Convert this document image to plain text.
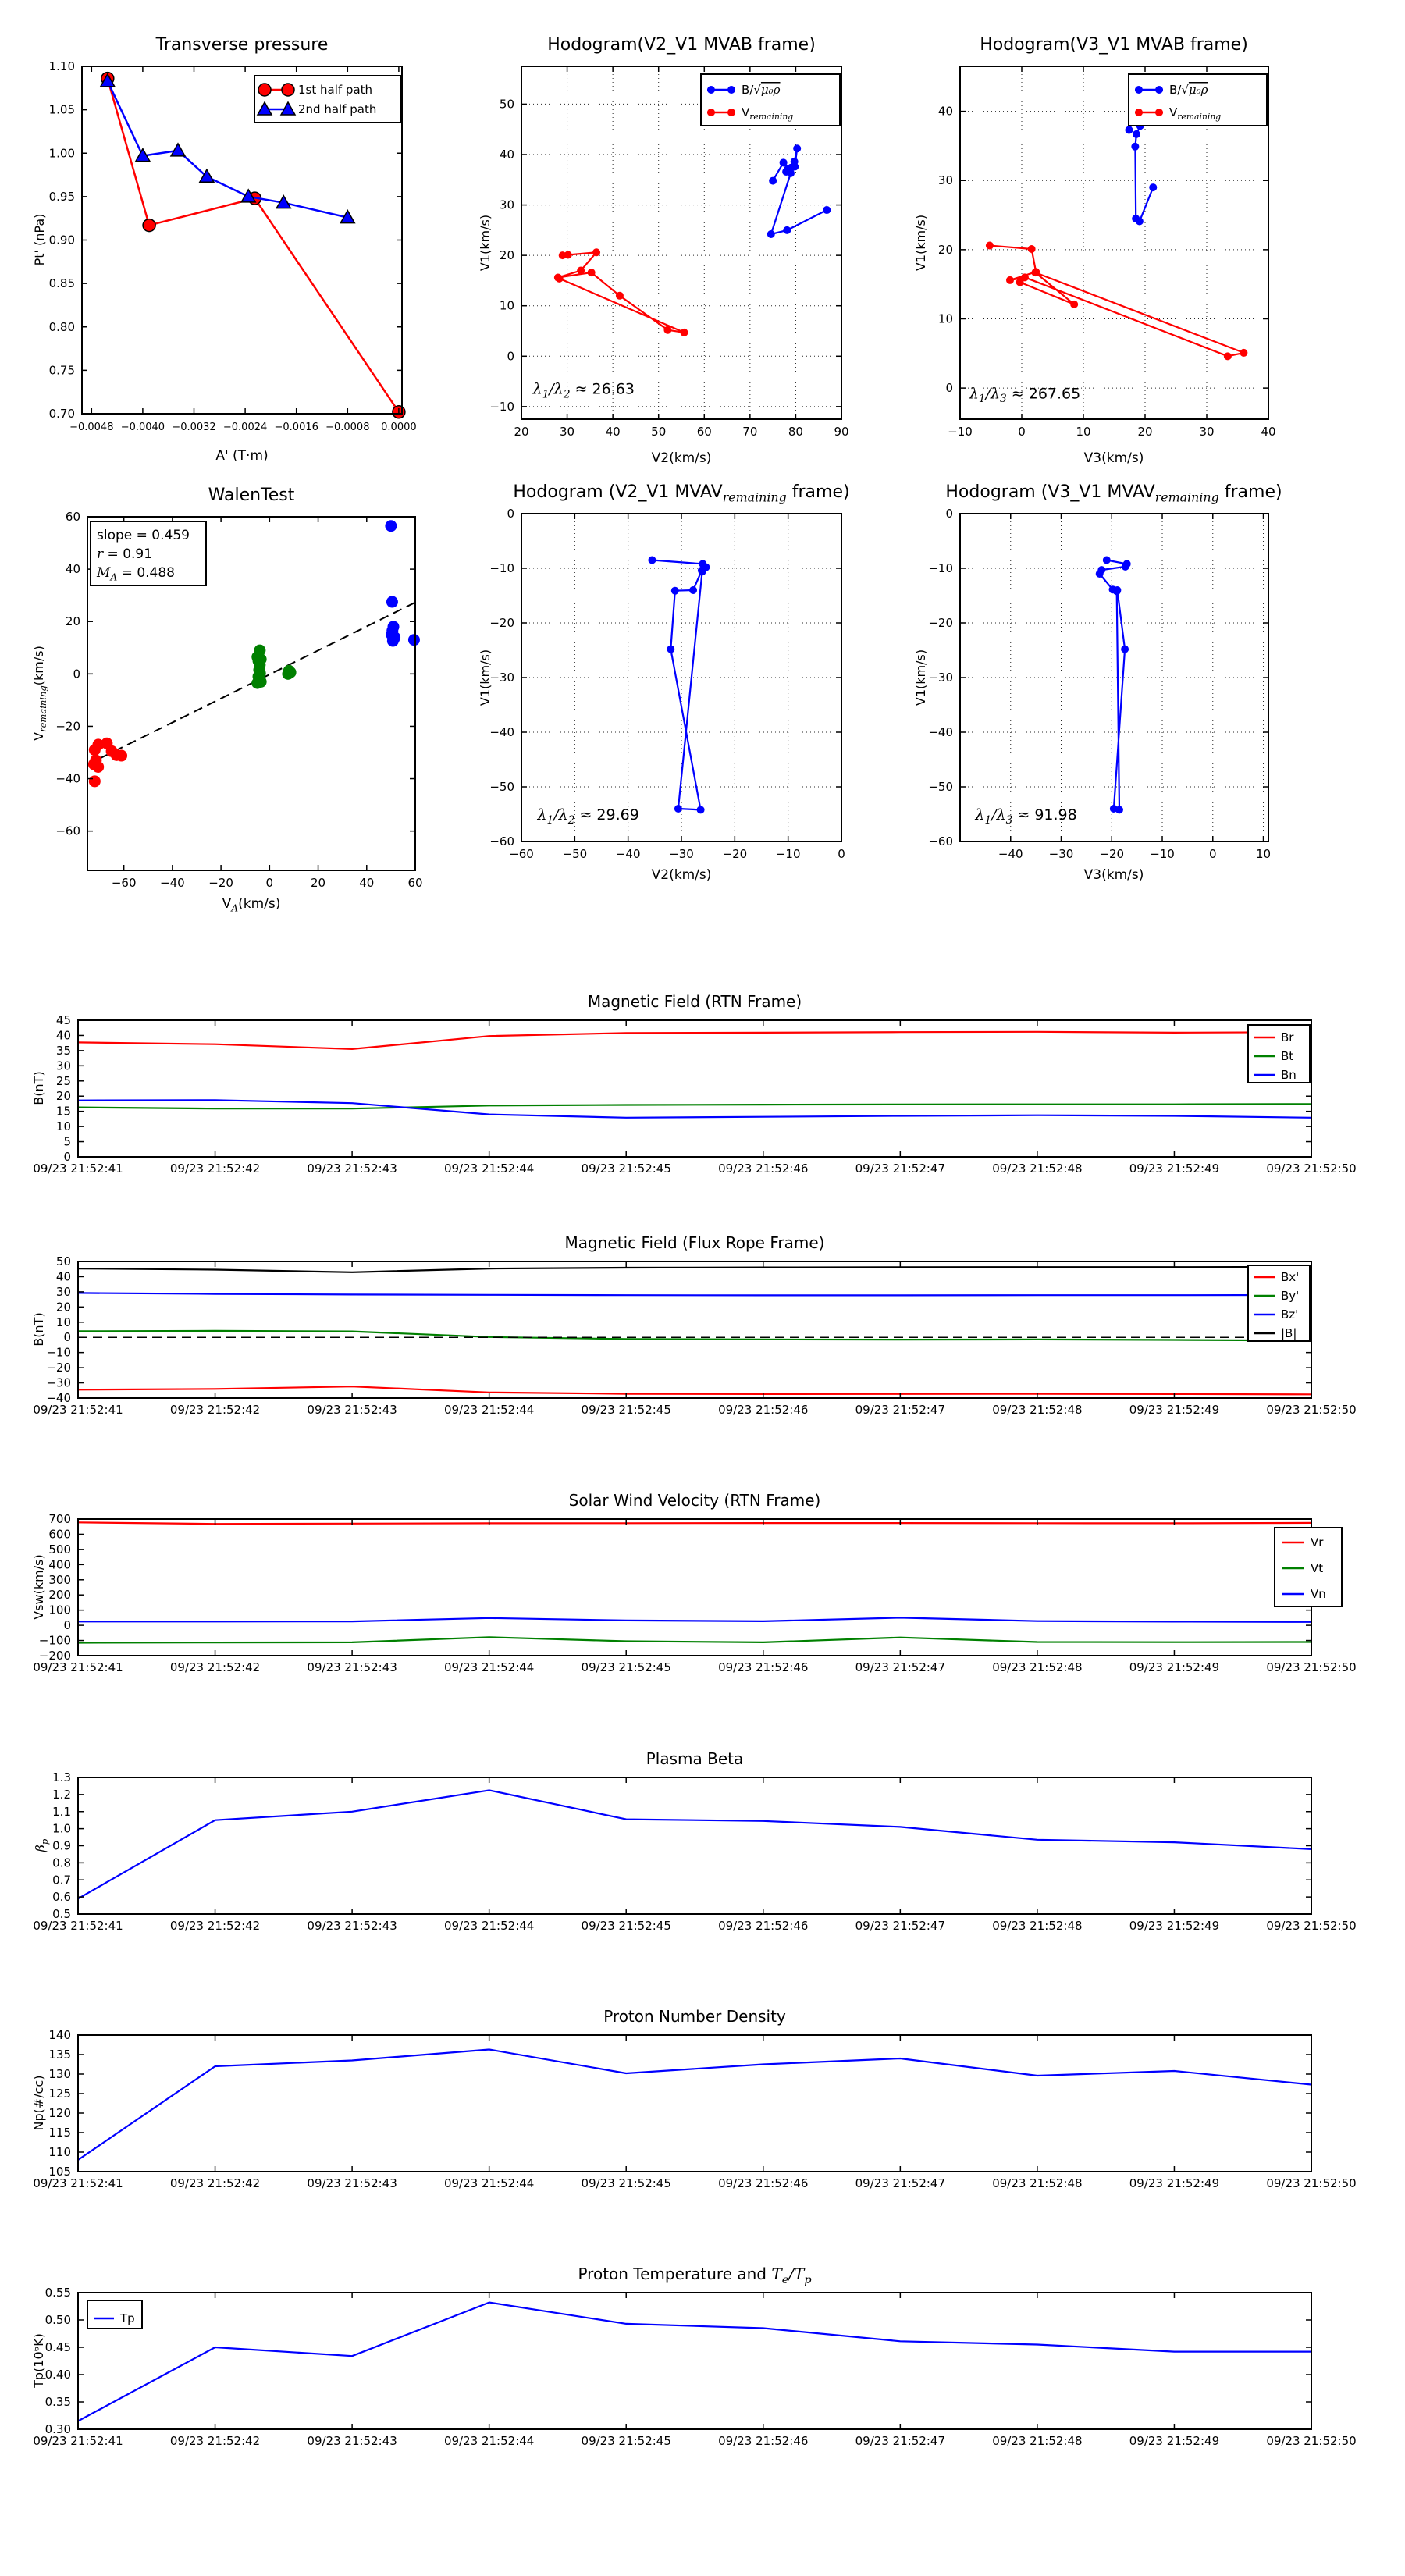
−0.0048 −0.0040 −0.0032 −0.0024 −0.0016 −0.0008 0.0000
0.70
0.75
0.80
0.85
0.90
0.95
1.00
1.05
1.10
Transverse pressure
A' (T·m)
Pt' (nPa)
1st half path
2nd half path
20	30	40	50	60	70	80	90
−10
0
10
20
30
40
50
Hodogram(V2_V1 MVAB frame)
V2(km/s)
V1(km/s)
$\lambda_1/\lambda_2 \approx 26.63$
B/√μ₀ρ
$V_{remaining}$
−10	0	10	20	30	40
0
10
20
30
40
Hodogram(V3_V1 MVAB frame)
V3(km/s)
V1(km/s)
$\lambda_1/\lambda_3 \approx 267.65$
B/√μ₀ρ
$V_{remaining}$
−60 −40 −20	0	20	40	60
−60
−40
−20
0
20
40
60
WalenTest
$V_A(km/s)$
$V_{remaining}(km/s)$
slope = 0.459
r = 0.91
$M_A = 0.488$
−60 −50 −40 −30 −20 −10	0
−60
−50
−40
−30
−20
−10
0
Hodogram (V2_V1 $MVAV_{remaining}$ frame)
V2(km/s)
V1(km/s)
$\lambda_1/\lambda_2 \approx 29.69$
−40 −30 −20 −10	0	10
−60
−50
−40
−30
−20
−10
0
Hodogram (V3_V1 $MVAV_{remaining}$ frame)
V3(km/s)
V1(km/s)
$\lambda_1/\lambda_3 \approx 91.98$
09/23 21:52:41	09/23 21:52:42	09/23 21:52:43	09/23 21:52:44	09/23 21:52:45	09/23 21:52:46	09/23 21:52:47	09/23 21:52:48	09/23 21:52:49	09/23 21:52:50
0
5
10
15
20
25
30
35
40
45
Magnetic Field (RTN Frame)
B(nT)
Br
Bt
Bn
09/23 21:52:41	09/23 21:52:42	09/23 21:52:43	09/23 21:52:44	09/23 21:52:45	09/23 21:52:46	09/23 21:52:47	09/23 21:52:48	09/23 21:52:49	09/23 21:52:50
−40
−30
−20
−10
0
10
20
30
40
50
Magnetic Field (Flux Rope Frame)
B(nT)
Bx'
By'
Bz'
|B|
09/23 21:52:41	09/23 21:52:42	09/23 21:52:43	09/23 21:52:44	09/23 21:52:45	09/23 21:52:46	09/23 21:52:47	09/23 21:52:48	09/23 21:52:49	09/23 21:52:50
−200
−100
0
100
200
300
400
500
600
700
Solar Wind Velocity (RTN Frame)
Vsw(km/s)
Vr
Vt
Vn
09/23 21:52:41	09/23 21:52:42	09/23 21:52:43	09/23 21:52:44	09/23 21:52:45	09/23 21:52:46	09/23 21:52:47	09/23 21:52:48	09/23 21:52:49	09/23 21:52:50
0.5
0.6
0.7
0.8
0.9
1.0
1.1
1.2
1.3
Plasma Beta
$\beta_p$
09/23 21:52:41	09/23 21:52:42	09/23 21:52:43	09/23 21:52:44	09/23 21:52:45	09/23 21:52:46	09/23 21:52:47	09/23 21:52:48	09/23 21:52:49	09/23 21:52:50
105
110
115
120
125
130
135
140
Proton Number Density
Np(#/cc)
09/23 21:52:41	09/23 21:52:42	09/23 21:52:43	09/23 21:52:44	09/23 21:52:45	09/23 21:52:46	09/23 21:52:47	09/23 21:52:48	09/23 21:52:49	09/23 21:52:50
0.30
0.35
0.40
0.45
0.50
0.55
Proton Temperature and $T_e/T_p$
Tp(10⁶K)
Tp
